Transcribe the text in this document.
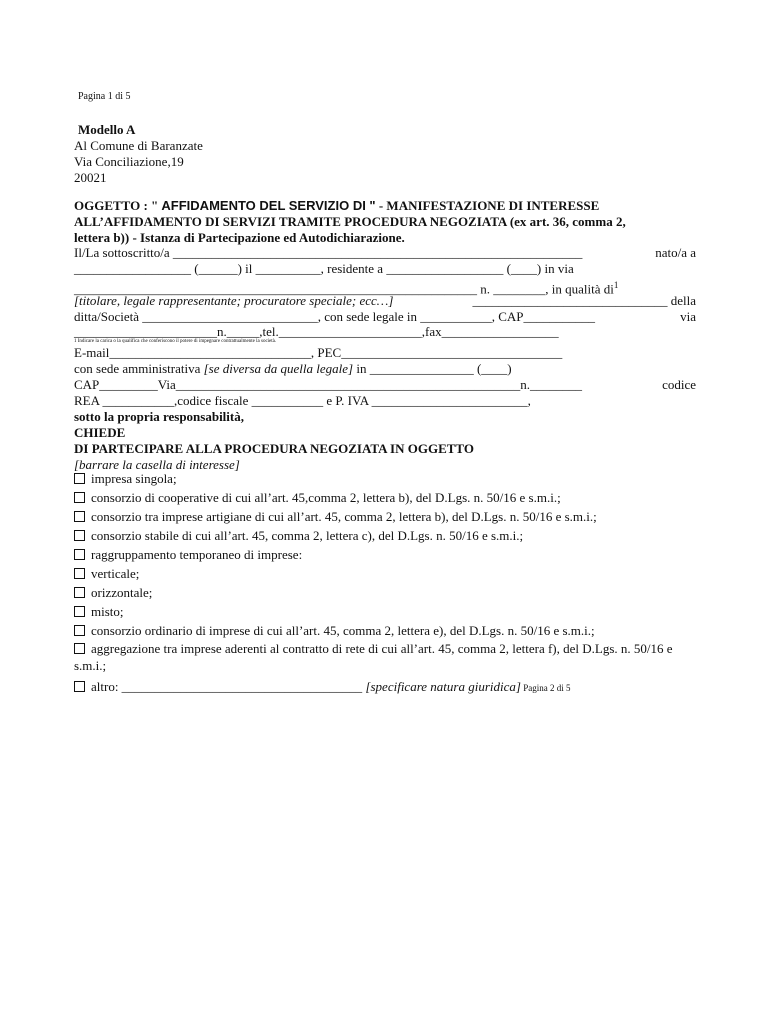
Pagina 1 di 5
Modello A
Al Comune di Baranzate
Via Conciliazione,19
20021
OGGETTO : " AFFIDAMENTO DEL SERVIZIO DI " - MANIFESTAZIONE DI INTERESSE
ALL’AFFIDAMENTO DI SERVIZI TRAMITE PROCEDURA NEGOZIATA (ex art. 36, comma 2,
lettera b)) - Istanza di Partecipazione ed Autodichiarazione.
Il/La sottoscritto/a _______________________________________________________________	nato/a a
__________________ (______) il __________, residente a __________________ (____) in via
______________________________________________________________ n. ________, in qualità $di^1$
[titolare, legale rappresentante; procuratore speciale; ecc…]	______________________________ della
ditta/Società ___________________________, con sede legale in ___________, CAP___________	via
______________________n._____,tel.______________________,fax__________________
1 Indicare la carica o la qualifica che conferiscono il potere di impegnare contrattualmente la società.
E-mail_______________________________, PEC__________________________________
con sede amministrativa [se diversa da quella legale] in ________________ (____)
CAP_________Via_____________________________________________________n.________	codice
REA ___________,codice fiscale ___________ e P. IVA ________________________,
sotto la propria responsabilità,
CHIEDE
DI PARTECIPARE ALLA PROCEDURA NEGOZIATA IN OGGETTO
[barrare la casella di interesse]
impresa singola;
consorzio di cooperative di cui all’art. 45,comma 2, lettera b), del D.Lgs. n. 50/16 e s.m.i.;
consorzio tra imprese artigiane di cui all’art. 45, comma 2, lettera b), del D.Lgs. n. 50/16 e s.m.i.;
consorzio stabile di cui all’art. 45, comma 2, lettera c), del D.Lgs. n. 50/16 e s.m.i.;
raggruppamento temporaneo di imprese:
verticale;
orizzontale;
misto;
consorzio ordinario di imprese di cui all’art. 45, comma 2, lettera e), del D.Lgs. n. 50/16 e s.m.i.;
aggregazione tra imprese aderenti al contratto di rete di cui all’art. 45, comma 2, lettera f), del D.Lgs. n. 50/16 e s.m.i.;
altro: _____________________________________ [specificare natura giuridica] Pagina 2 di 5
